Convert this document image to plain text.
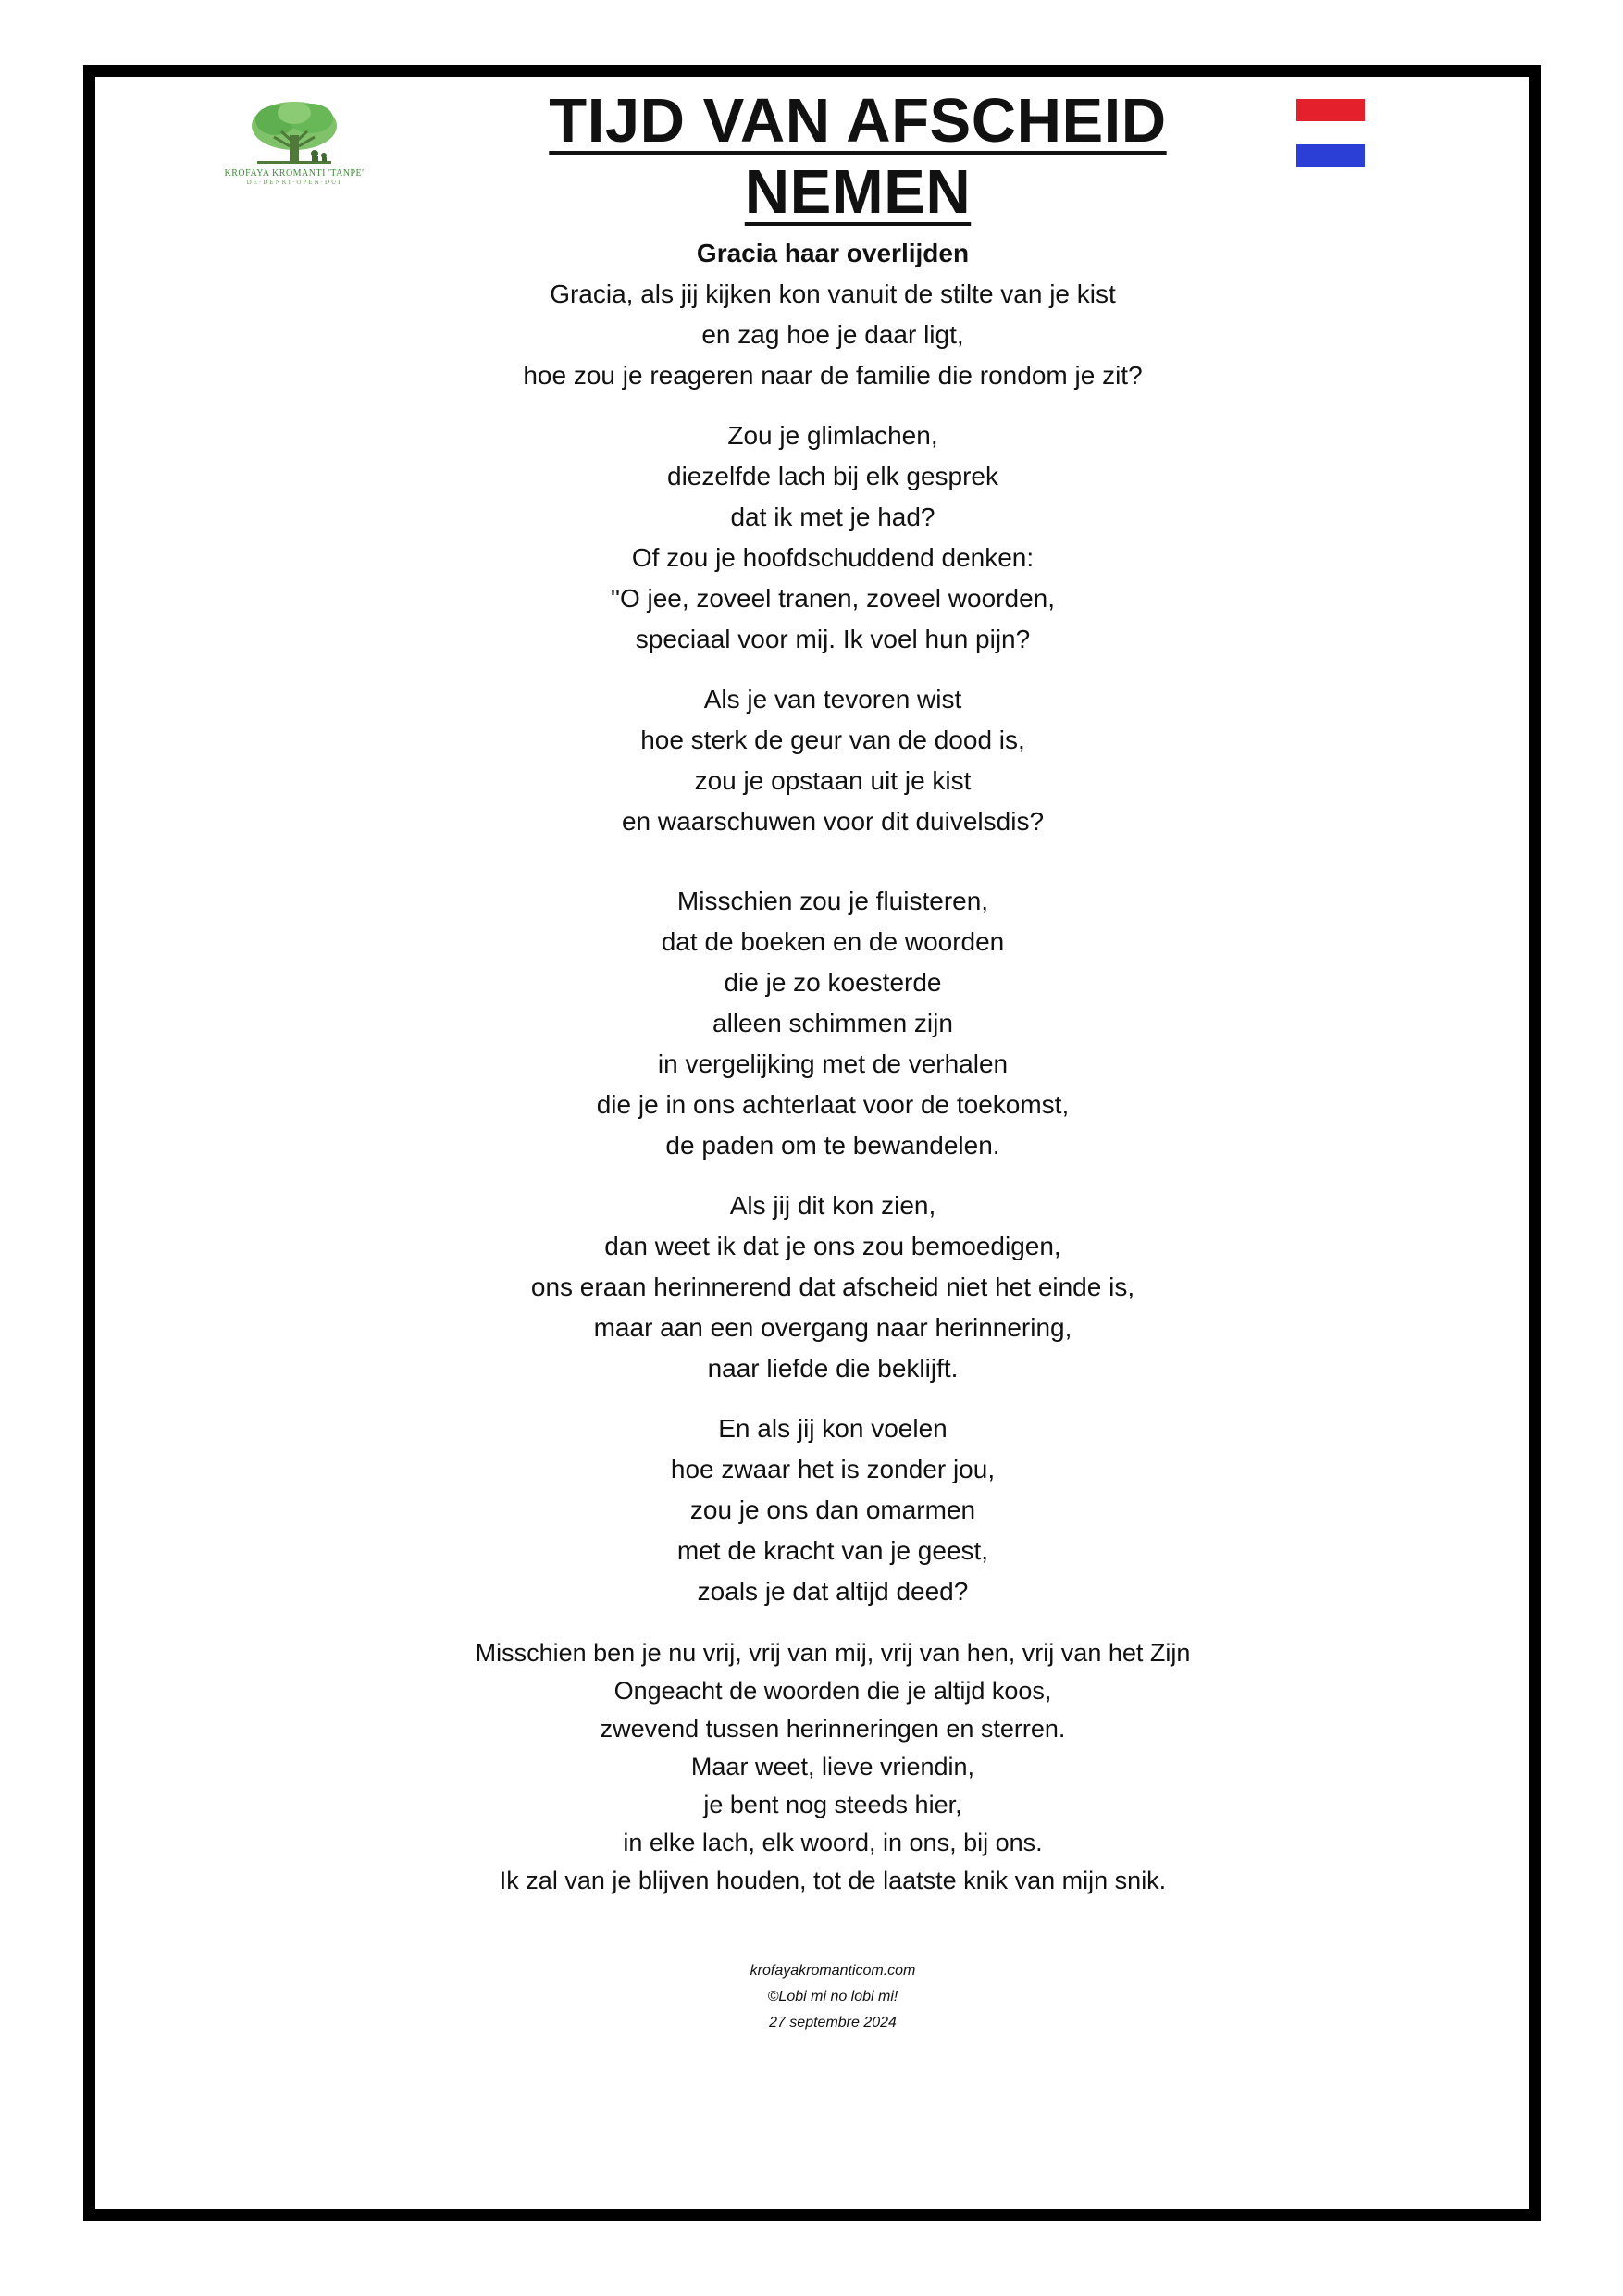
KROFAYA KROMANTI 'TANPE'
DE·DENKI·OPEN·DUI
TIJD VAN AFSCHEID NEMEN

Gracia haar overlijden

Gracia, als jij kijken kon vanuit de stilte van je kist
en zag hoe je daar ligt,
hoe zou je reageren naar de familie die rondom je zit?

Zou je glimlachen,
diezelfde lach bij elk gesprek
dat ik met je had?
Of zou je hoofdschuddend denken:
"O jee, zoveel tranen, zoveel woorden,
speciaal voor mij. Ik voel hun pijn?

Als je van tevoren wist
hoe sterk de geur van de dood is,
zou je opstaan uit je kist
en waarschuwen voor dit duivelsdis?

Misschien zou je fluisteren,
dat de boeken en de woorden
die je zo koesterde
alleen schimmen zijn
in vergelijking met de verhalen
die je in ons achterlaat voor de toekomst,
de paden om te bewandelen.

Als jij dit kon zien,
dan weet ik dat je ons zou bemoedigen,
ons eraan herinnerend dat afscheid niet het einde is,
maar aan een overgang naar herinnering,
naar liefde die beklijft.

En als jij kon voelen
hoe zwaar het is zonder jou,
zou je ons dan omarmen
met de kracht van je geest,
zoals je dat altijd deed?

Misschien ben je nu vrij, vrij van mij, vrij van hen, vrij van het Zijn
Ongeacht de woorden die je altijd koos,
zwevend tussen herinneringen en sterren.
Maar weet, lieve vriendin,
je bent nog steeds hier,
in elke lach, elk woord, in ons, bij ons.
Ik zal van je blijven houden, tot de laatste knik van mijn snik.

krofayakromanticom.com
©Lobi mi no lobi mi!
27 septembre 2024
